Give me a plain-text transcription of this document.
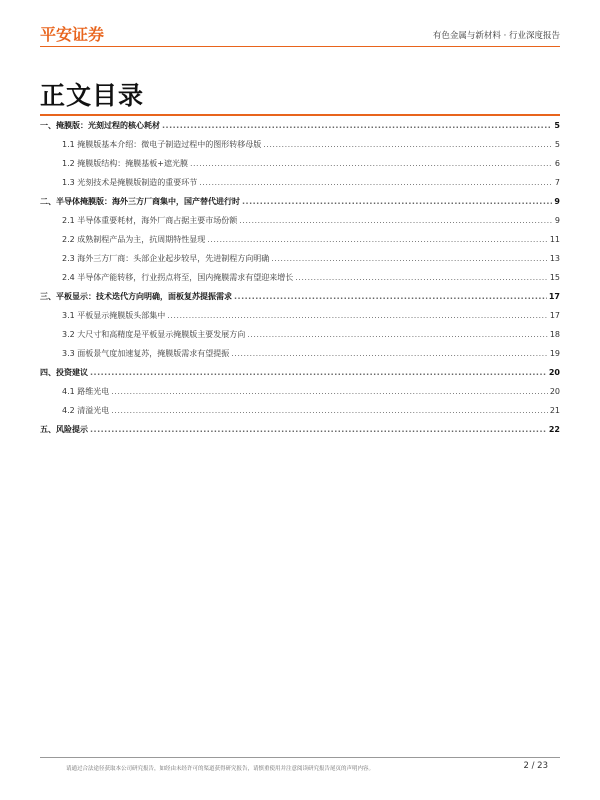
平安证券	有色金属与新材料 · 行业深度报告
正文目录
一、掩膜版：光刻过程的核心耗材 .....	5
1.1 掩膜版基本介绍：微电子制造过程中的图形转移母版 .....	5
1.2 掩膜版结构：掩膜基板+遮光膜 .....	6
1.3 光刻技术是掩膜版制造的重要环节 .....	7
二、半导体掩膜版：海外三方厂商集中，国产替代进行时 .....	9
2.1 半导体重要耗材，海外厂商占据主要市场份额 .....	9
2.2 成熟制程产品为主，抗周期特性显现 .....	11
2.3 海外三方厂商：头部企业起步较早，先进制程方向明确 .....	13
2.4 半导体产能转移，行业拐点将至，国内掩膜需求有望迎来增长 .....	15
三、平板显示：技术迭代方向明确，面板复苏提振需求 .....	17
3.1 平板显示掩膜版头部集中 .....	17
3.2 大尺寸和高精度是平板显示掩膜版主要发展方向 .....	18
3.3 面板景气度加速复苏，掩膜版需求有望提振 .....	19
四、投资建议 .....	20
4.1 路维光电 .....	20
4.2 清溢光电 .....	21
五、风险提示 .....	22
请通过合法途径获取本公司研究报告，如经由未经许可的渠道获得研究报告，请慎重使用并注意阅读研究报告尾页的声明内容。	2 / 23
